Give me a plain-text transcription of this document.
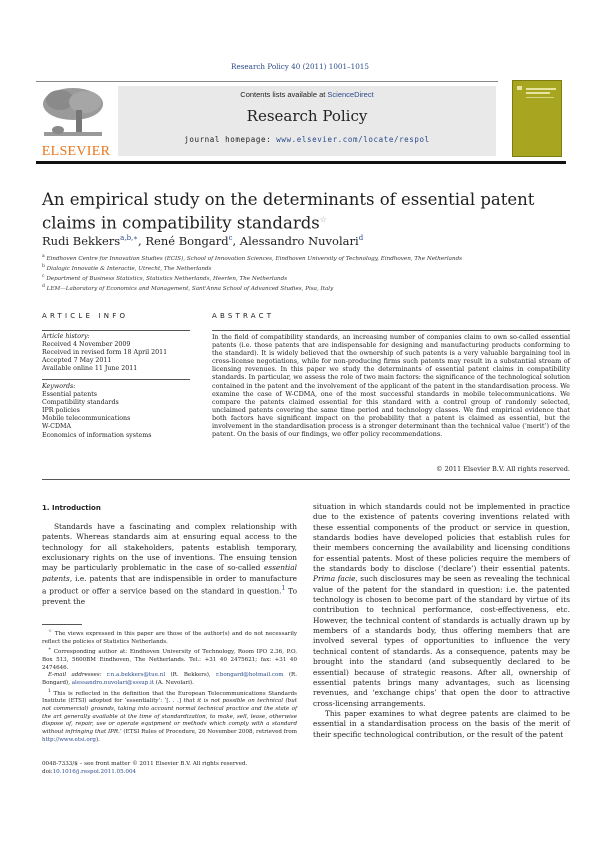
Research Policy 40 (2011) 1001–1015
ELSEVIER
Contents lists available at ScienceDirect
Research Policy
journal homepage: www.elsevier.com/locate/respol
An empirical study on the determinants of essential patent claims in compatibility standards☆
Rudi Bekkers$^{a,b,∗}$, René Bongard$^c$, Alessandro Nuvolari$^d$
$^a$ Eindhoven Centre for Innovation Studies (ECIS), School of Innovation Sciences, Eindhoven University of Technology, Eindhoven, The Netherlands
$^b$ Dialogic Innovatie & Interactie, Utrecht, The Netherlands
$^c$ Department of Business Statistics, Statistics Netherlands, Heerlen, The Netherlands
$^d$ LEM—Laboratory of Economics and Management, Sant'Anna School of Advanced Studies, Pisa, Italy
ARTICLE INFO
Article history:
Received 4 November 2009
Received in revised form 18 April 2011
Accepted 7 May 2011
Available online 11 June 2011
Keywords:
Essential patents
Compatibility standards
IPR policies
Mobile telecommunications
W-CDMA
Economics of information systems
ABSTRACT
In the field of compatibility standards, an increasing number of companies claim to own so-called essential patents (i.e. those patents that are indispensable for designing and manufacturing products conforming to the standard). It is widely believed that the ownership of such patents is a very valuable bargaining tool in cross-license negotiations, while for non-producing firms such patents may result in a substantial stream of licensing revenues. In this paper we study the determinants of essential patent claims in compatibility standards. In particular, we assess the role of two main factors: the significance of the technological solution contained in the patent and the involvement of the applicant of the patent in the standardisation process. We examine the case of W-CDMA, one of the most successful standards in mobile telecommunications. We compare the patents claimed essential for this standard with a control group of randomly selected, unclaimed patents covering the same time period and technology classes. We find empirical evidence that both factors have significant impact on the probability that a patent is claimed as essential, but the involvement in the standardisation process is a stronger determinant than the technical value (‘merit’) of the patent. On the basis of our findings, we offer policy recommendations.
© 2011 Elsevier B.V. All rights reserved.
1. Introduction

Standards have a fascinating and complex relationship with patents. Whereas standards aim at ensuring equal access to the technology for all stakeholders, patents establish temporary, exclusionary rights on the use of inventions. The ensuing tension may be particularly problematic in the case of so-called essential patents, i.e. patents that are indispensible in order to manufacture a product or offer a service based on the standard in question.$^1$ To prevent the

☆ The views expressed in this paper are those of the author(s) and do not necessarily reflect the policies of Statistics Netherlands.

∗ Corresponding author at: Eindhoven University of Technology, Room IPO 2.36, P.O. Box 513, 5600BM Eindhoven, The Netherlands. Tel.: +31 40 2475621; fax: +31 40 2474646.

E-mail addresses: r.n.a.bekkers@tue.nl (R. Bekkers), r.bongard@hotmail.com (R. Bongard), alessandro.nuvolari@sssup.it (A. Nuvolari).

$^1$ This is reflected in the definition that the European Telecommunications Standards Institute (ETSI) adopted for ‘essentiality’: ‘[. . .] that it is not possible on technical (but not commercial) grounds, taking into account normal technical practice and the state of the art generally available at the time of standardization, to make, sell, lease, otherwise dispose of, repair, use or operate equipment or methods which comply with a standard without infringing that IPR.’ (ETSI Rules of Procedure, 26 November 2008, retrieved from http://www.etsi.org).

0048-7333/$ – see front matter © 2011 Elsevier B.V. All rights reserved.
doi:10.1016/j.respol.2011.05.004

situation in which standards could not be implemented in practice due to the existence of patents covering inventions related with these essential components of the product or service in question, standards bodies have developed policies that establish rules for their members concerning the availability and licensing conditions for essential patents. Most of these policies require the members of the standards body to disclose (‘declare’) their essential patents. Prima facie, such disclosures may be seen as revealing the technical value of the patent for the standard in question: i.e. the patented technology is chosen to become part of the standard by virtue of its contribution to technical performance, cost-effectiveness, etc. However, the technical content of standards is actually drawn up by members of a standards body, thus offering members that are involved several types of opportunities to influence the very technical content of standards. As a consequence, patents may be brought into the standard (and subsequently declared to be essential) because of strategic reasons. After all, ownership of essential patents brings many advantages, such as licensing revenues, and ‘exchange chips’ that open the door to attractive cross-licensing arrangements.

This paper examines to what degree patents are claimed to be essential in a standardisation process on the basis of the merit of their specific technological contribution, or the result of the patent
